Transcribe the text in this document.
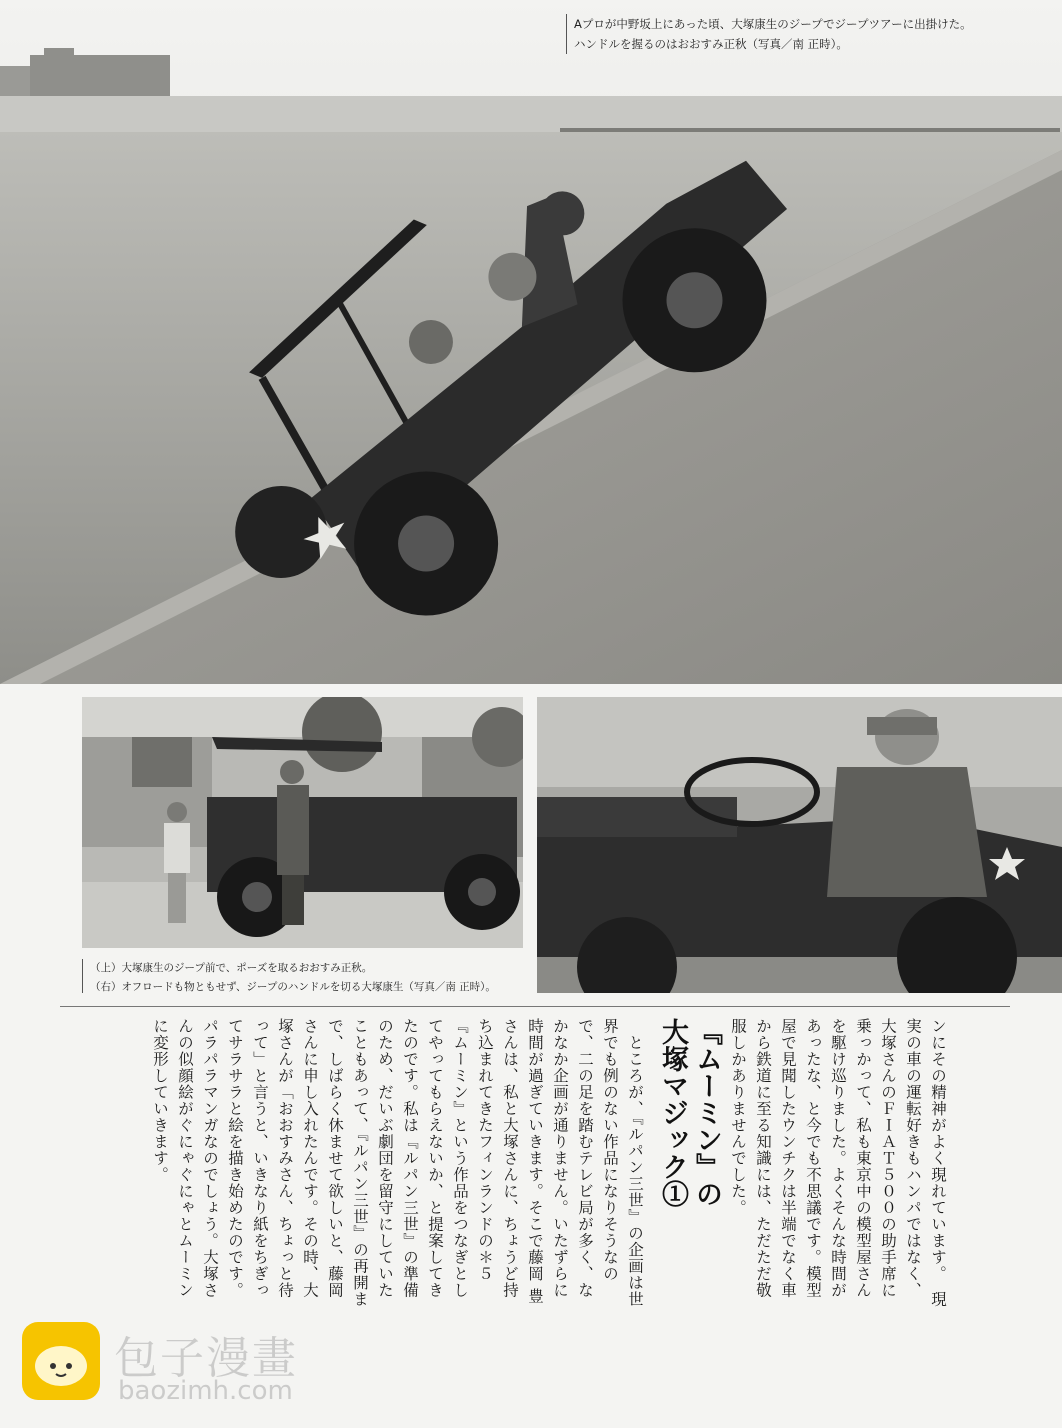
Aプロが中野坂上にあった頃、大塚康生のジープでジープツアーに出掛けた。
ハンドルを握るのはおおすみ正秋（写真／南 正時）。
（上）大塚康生のジープ前で、ポーズを取るおおすみ正秋。
（右）オフロードも物ともせず、ジープのハンドルを切る大塚康生（写真／南 正時）。

ンにその精神がよく現れています。　現実の車の運転好きもハンパではなく、大塚さんのＦＩＡＴ５００の助手席に乗っかって、私も東京中の模型屋さんを駆け巡りました。よくそんな時間があったな、と今でも不思議です。模型屋で見聞したウンチクは半端でなく車から鉄道に至る知識には、ただただ敬服しかありませんでした。

『ムーミン』の
大塚マジック①

　ところが、『ルパン三世』の企画は世界でも例のない作品になりそうなので、二の足を踏むテレビ局が多く、なかなか企画が通りません。いたずらに時間が過ぎていきます。そこで藤岡 豊さんは、私と大塚さんに、ちょうど持ち込まれてきたフィンランドの＊５『ムーミン』という作品をつなぎとしてやってもらえないか、と提案してきたのです。私は『ルパン三世』の準備のため、だいぶ劇団を留守にしていたこともあって、『ルパン三世』の再開まで、しばらく休ませて欲しいと、藤岡さんに申し入れたんです。その時、大塚さんが「おおすみさん、ちょっと待って」と言うと、いきなり紙をちぎってサラサラと絵を描き始めたのです。パラパラマンガなのでしょう。大塚さんの似顔絵がぐにゃぐにゃとムーミンに変形していきます。

包子漫畫
baozimh.com
